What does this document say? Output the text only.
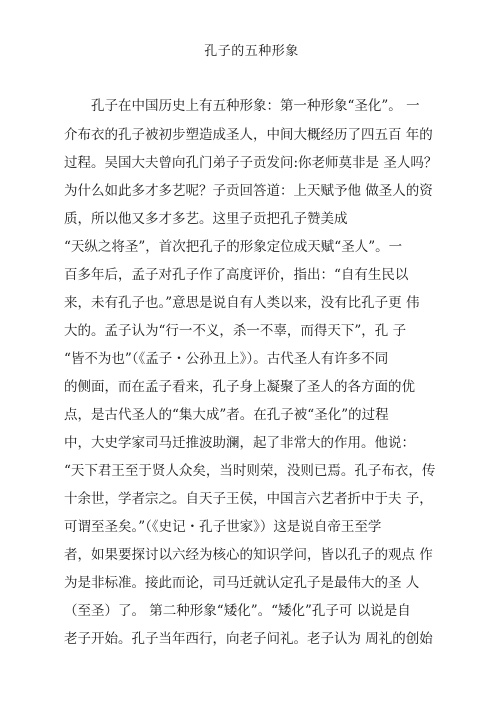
孔子的五种形象
　　孔子在中国历史上有五种形象：第一种形象“圣化”。 一
介布衣的孔子被初步塑造成圣人，中间大概经历了四五百 年的
过程。吴国大夫曾向孔门弟子子贡发问:你老师莫非是 圣人吗？
为什么如此多才多艺呢？子贡回答道：上天赋予他 做圣人的资
质，所以他又多才多艺。这里子贡把孔子赞美成
“天纵之将圣”，首次把孔子的形象定位成天赋“圣人”。一
百多年后，孟子对孔子作了高度评价，指出：“自有生民以
来，未有孔子也。”意思是说自有人类以来，没有比孔子更 伟
大的。孟子认为“行一不义，杀一不辜，而得天下”，孔 子
“皆不为也”（《孟子・公孙丑上》）。古代圣人有许多不同
的侧面，而在孟子看来，孔子身上凝聚了圣人的各方面的优
点，是古代圣人的“集大成”者。在孔子被“圣化”的过程
中，大史学家司马迁推波助澜，起了非常大的作用。他说：
“天下君王至于贤人众矣，当时则荣，没则已焉。孔子布衣，传
十余世，学者宗之。自天子王侯，中国言六艺者折中于夫 子，
可谓至圣矣。”（《史记・孔子世家》）这是说自帝王至学
者，如果要探讨以六经为核心的知识学问，皆以孔子的观点 作
为是非标准。接此而论，司马迁就认定孔子是最伟大的圣 人
（至圣）了。 第二种形象“矮化”。“矮化”孔子可 以说是自
老子开始。孔子当年西行，向老子问礼。老子认为 周礼的创始
